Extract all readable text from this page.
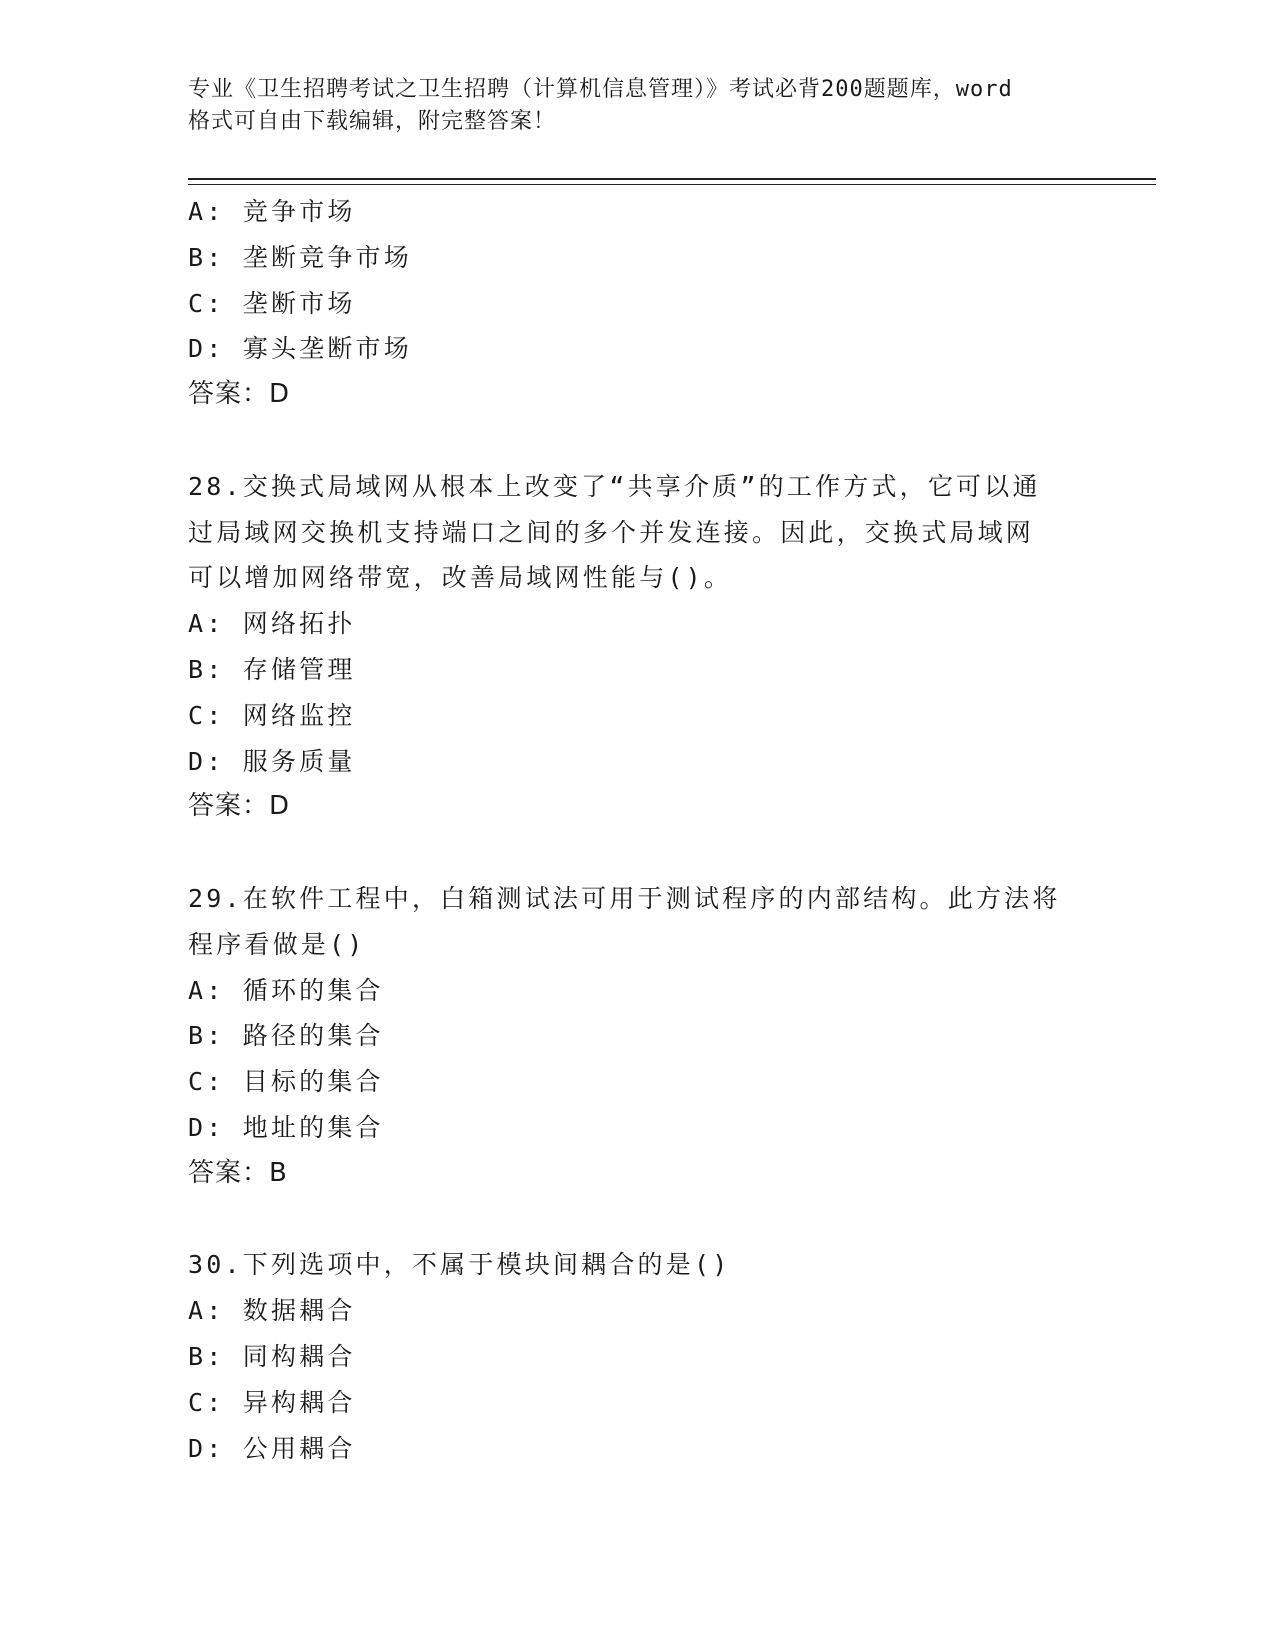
专业《卫生招聘考试之卫生招聘（计算机信息管理）》考试必背200题题库，word
格式可自由下载编辑，附完整答案！
A: 竞争市场
B: 垄断竞争市场
C: 垄断市场
D: 寡头垄断市场
答案：D
28.交换式局域网从根本上改变了“共享介质”的工作方式，它可以通
过局域网交换机支持端口之间的多个并发连接。因此，交换式局域网
可以增加网络带宽，改善局域网性能与()。
A: 网络拓扑
B: 存储管理
C: 网络监控
D: 服务质量
答案：D
29.在软件工程中，白箱测试法可用于测试程序的内部结构。此方法将
程序看做是()
A: 循环的集合
B: 路径的集合
C: 目标的集合
D: 地址的集合
答案：B
30.下列选项中，不属于模块间耦合的是()
A: 数据耦合
B: 同构耦合
C: 异构耦合
D: 公用耦合
